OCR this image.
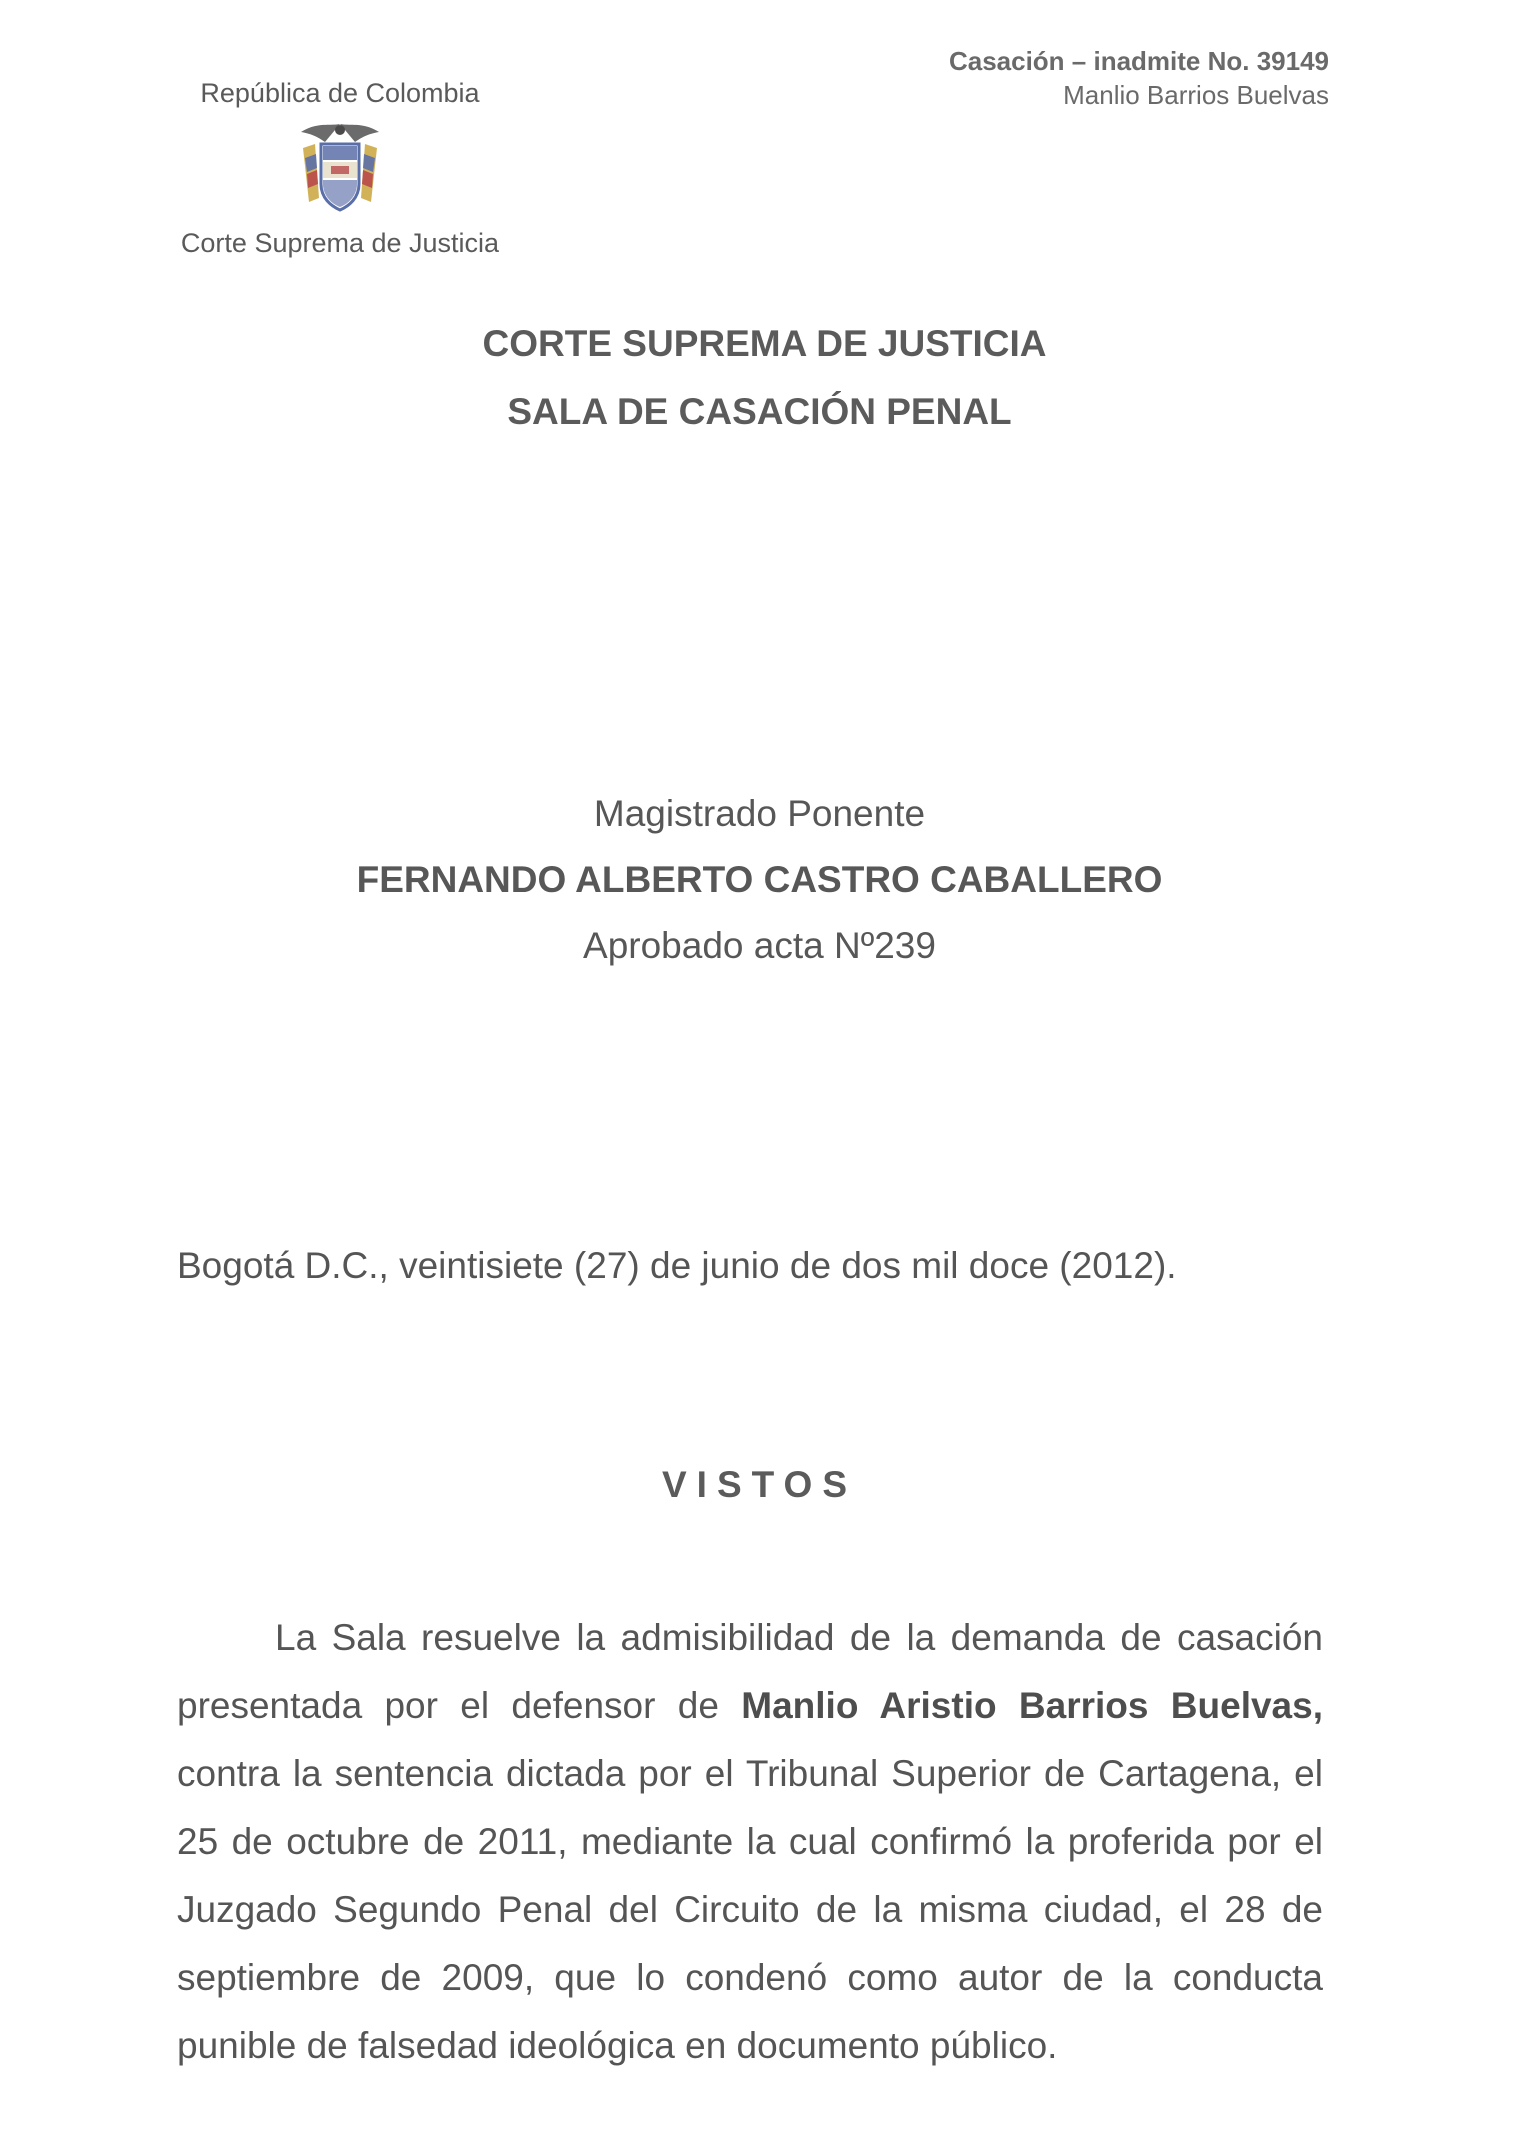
República de Colombia
Corte Suprema de Justicia
Casación – inadmite No. 39149
Manlio Barrios Buelvas
CORTE SUPREMA DE JUSTICIA
SALA DE CASACIÓN PENAL
Magistrado Ponente
FERNANDO ALBERTO CASTRO CABALLERO
Aprobado acta Nº239
Bogotá D.C., veintisiete (27) de junio de dos mil doce (2012).
VISTOS

La Sala resuelve la admisibilidad de la demanda de casación presentada por el defensor de Manlio Aristio Barrios Buelvas, contra la sentencia dictada por el Tribunal Superior de Cartagena, el 25 de octubre de 2011, mediante la cual confirmó la proferida por el Juzgado Segundo Penal del Circuito de la misma ciudad, el 28 de septiembre de 2009, que lo condenó como autor de la conducta punible de falsedad ideológica en documento público.
